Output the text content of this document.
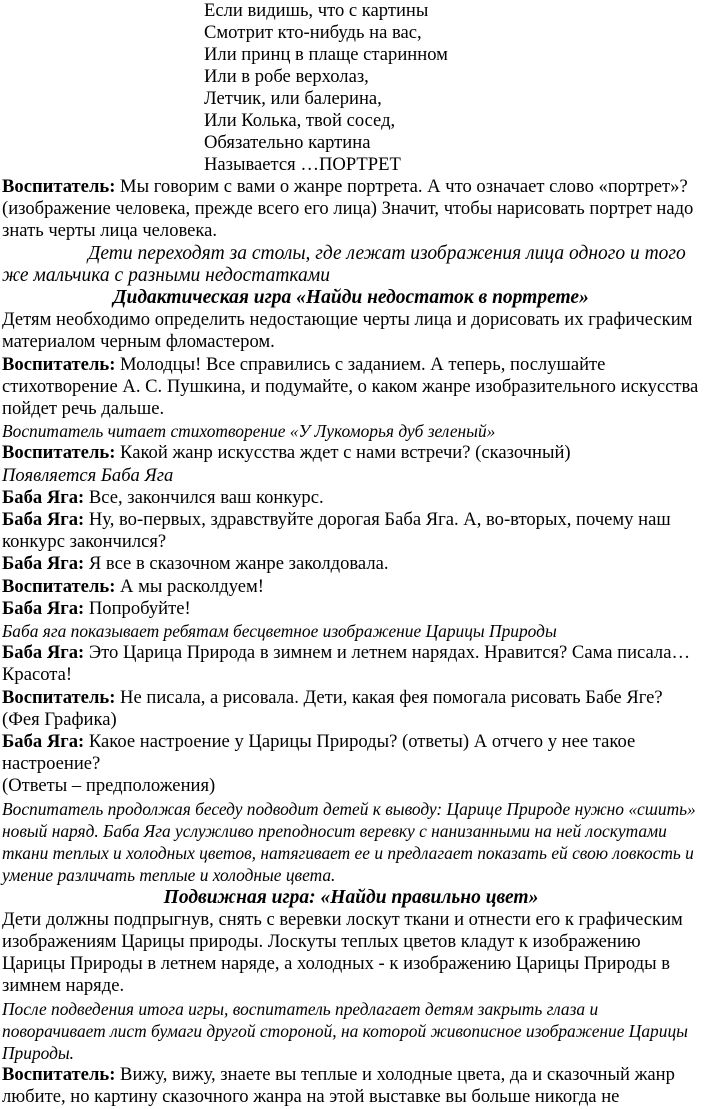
Если видишь, что с картины
Смотрит кто-нибудь на вас,
Или принц в плаще старинном
Или в робе верхолаз,
Летчик, или балерина,
Или Колька, твой сосед,
Обязательно картина
Называется …ПОРТРЕТ

Воспитатель: Мы говорим с вами о жанре портрета. А что означает слово «портрет»? (изображение человека, прежде всего его лица) Значит, чтобы нарисовать портрет надо знать черты лица человека.

Дети переходят за столы, где лежат изображения лица одного и того же мальчика с разными недостатками

Дидактическая игра «Найди недостаток в портрете»

Детям необходимо определить недостающие черты лица и дорисовать их графическим материалом черным фломастером.

Воспитатель: Молодцы! Все справились с заданием. А теперь, послушайте стихотворение А. С. Пушкина, и подумайте, о каком жанре изобразительного искусства пойдет речь дальше.

Воспитатель читает стихотворение «У Лукоморья дуб зеленый»

Воспитатель: Какой жанр искусства ждет с нами встречи? (сказочный)

Появляется Баба Яга

Баба Яга: Все, закончился ваш конкурс.

Баба Яга: Ну, во-первых, здравствуйте дорогая Баба Яга. А, во-вторых, почему наш конкурс закончился?

Баба Яга: Я все в сказочном жанре заколдовала.

Воспитатель: А мы расколдуем!

Баба Яга: Попробуйте!

Баба яга показывает ребятам бесцветное изображение Царицы Природы

Баба Яга: Это Царица Природа в зимнем и летнем нарядах. Нравится? Сама писала… Красота!

Воспитатель: Не писала, а рисовала. Дети, какая фея помогала рисовать Бабе Яге? (Фея Графика)

Баба Яга: Какое настроение у Царицы Природы? (ответы) А отчего у нее такое настроение?

(Ответы – предположения)

Воспитатель продолжая беседу подводит детей к выводу: Царице Природе нужно «сшить» новый наряд. Баба Яга услужливо преподносит веревку с нанизанными на ней лоскутами ткани теплых и холодных цветов, натягивает ее и предлагает показать ей свою ловкость и умение различать теплые и холодные цвета.

Подвижная игра: «Найди правильно цвет»

Дети должны подпрыгнув, снять с веревки лоскут ткани и отнести его к графическим изображениям Царицы природы. Лоскуты теплых цветов кладут к изображению Царицы Природы в летнем наряде, а холодных - к изображению Царицы Природы в зимнем наряде.

После подведения итога игры, воспитатель предлагает детям закрыть глаза и поворачивает лист бумаги другой стороной, на которой живописное изображение Царицы Природы.

Воспитатель: Вижу, вижу, знаете вы теплые и холодные цвета, да и сказочный жанр любите, но картину сказочного жанра на этой выставке вы больше никогда не
